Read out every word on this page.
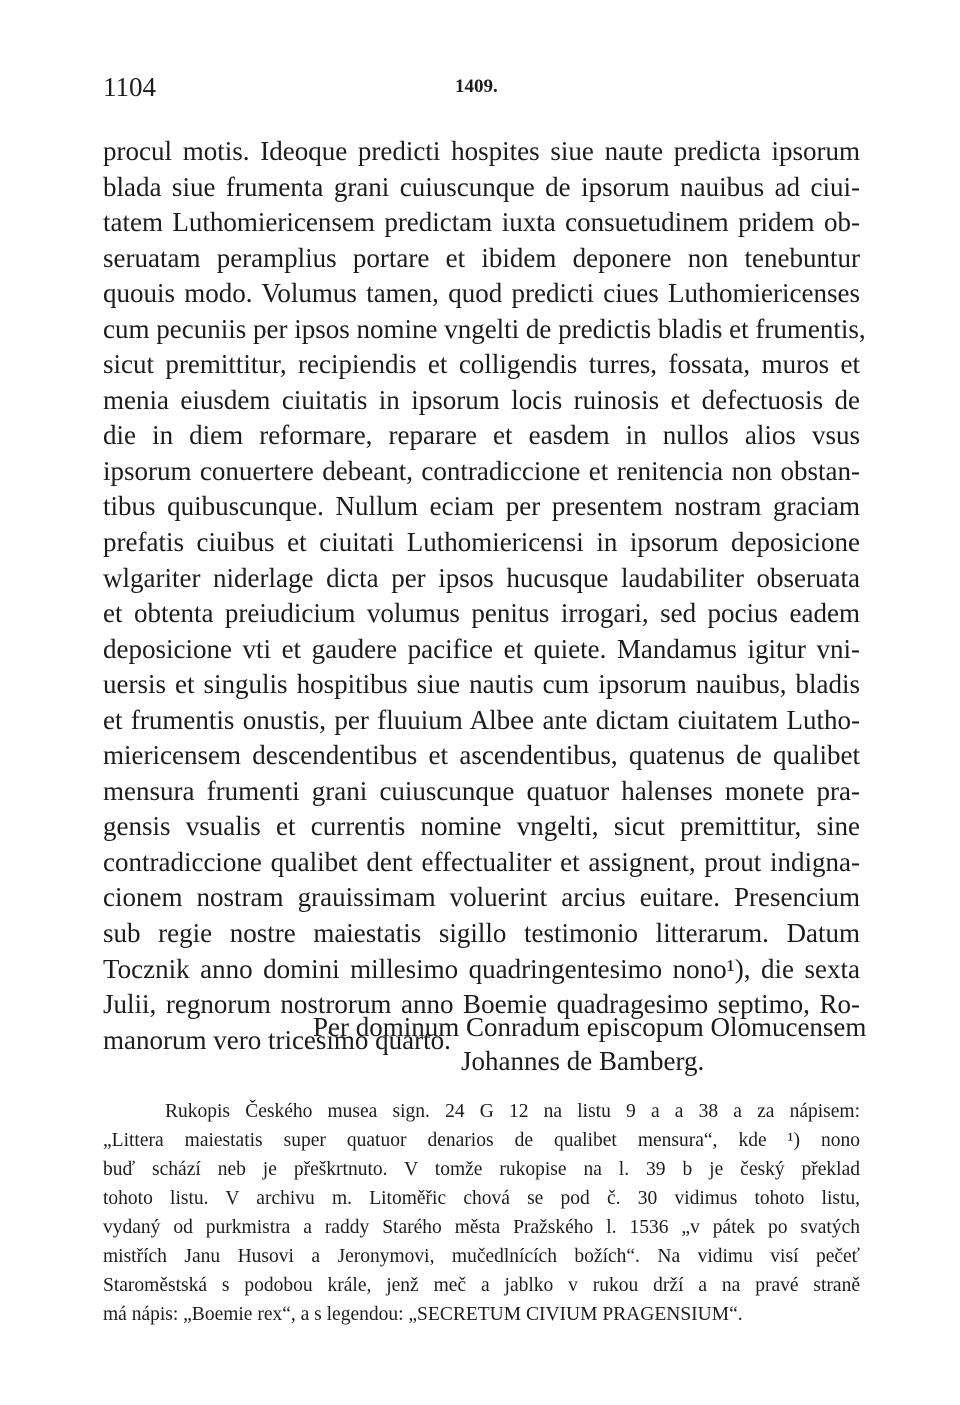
1104	1409.
procul motis. Ideoque predicti hospites siue naute predicta ipsorum
blada siue frumenta grani cuiuscunque de ipsorum nauibus ad ciui-
tatem Luthomiericensem predictam iuxta consuetudinem pridem ob-
seruatam peramplius portare et ibidem deponere non tenebuntur
quouis modo. Volumus tamen, quod predicti ciues Luthomiericenses
cum pecuniis per ipsos nomine vngelti de predictis bladis et frumentis,
sicut premittitur, recipiendis et colligendis turres, fossata, muros et
menia eiusdem ciuitatis in ipsorum locis ruinosis et defectuosis de
die in diem reformare, reparare et easdem in nullos alios vsus
ipsorum conuertere debeant, contradiccione et renitencia non obstan-
tibus quibuscunque. Nullum eciam per presentem nostram graciam
prefatis ciuibus et ciuitati Luthomiericensi in ipsorum deposicione
wlgariter niderlage dicta per ipsos hucusque laudabiliter obseruata
et obtenta preiudicium volumus penitus irrogari, sed pocius eadem
deposicione vti et gaudere pacifice et quiete. Mandamus igitur vni-
uersis et singulis hospitibus siue nautis cum ipsorum nauibus, bladis
et frumentis onustis, per fluuium Albee ante dictam ciuitatem Lutho-
miericensem descendentibus et ascendentibus, quatenus de qualibet
mensura frumenti grani cuiuscunque quatuor halenses monete pra-
gensis vsualis et currentis nomine vngelti, sicut premittitur, sine
contradiccione qualibet dent effectualiter et assignent, prout indigna-
cionem nostram grauissimam voluerint arcius euitare. Presencium
sub regie nostre maiestatis sigillo testimonio litterarum. Datum
Tocznik anno domini millesimo quadringentesimo nono¹), die sexta
Julii, regnorum nostrorum anno Boemie quadragesimo septimo, Ro-
manorum vero tricesimo quarto.
Per dominum Conradum episcopum Olomucensem
Johannes de Bamberg.
Rukopis Českého musea sign. 24 G 12 na listu 9 a a 38 a za nápisem:
„Littera maiestatis super quatuor denarios de qualibet mensura“, kde ¹) nono
buď schází neb je přeškrtnuto. V tomže rukopise na l. 39 b je český překlad
tohoto listu. V archivu m. Litoměřic chová se pod č. 30 vidimus tohoto listu,
vydaný od purkmistra a raddy Starého města Pražského l. 1536 „v pátek po svatých
mistřích Janu Husovi a Jeronymovi, mučedlnících božích“. Na vidimu visí pečeť
Staroměstská s podobou krále, jenž meč a jablko v rukou drží a na pravé straně
má nápis: „Boemie rex“, a s legendou: „SECRETUM CIVIUM PRAGENSIUM“.
